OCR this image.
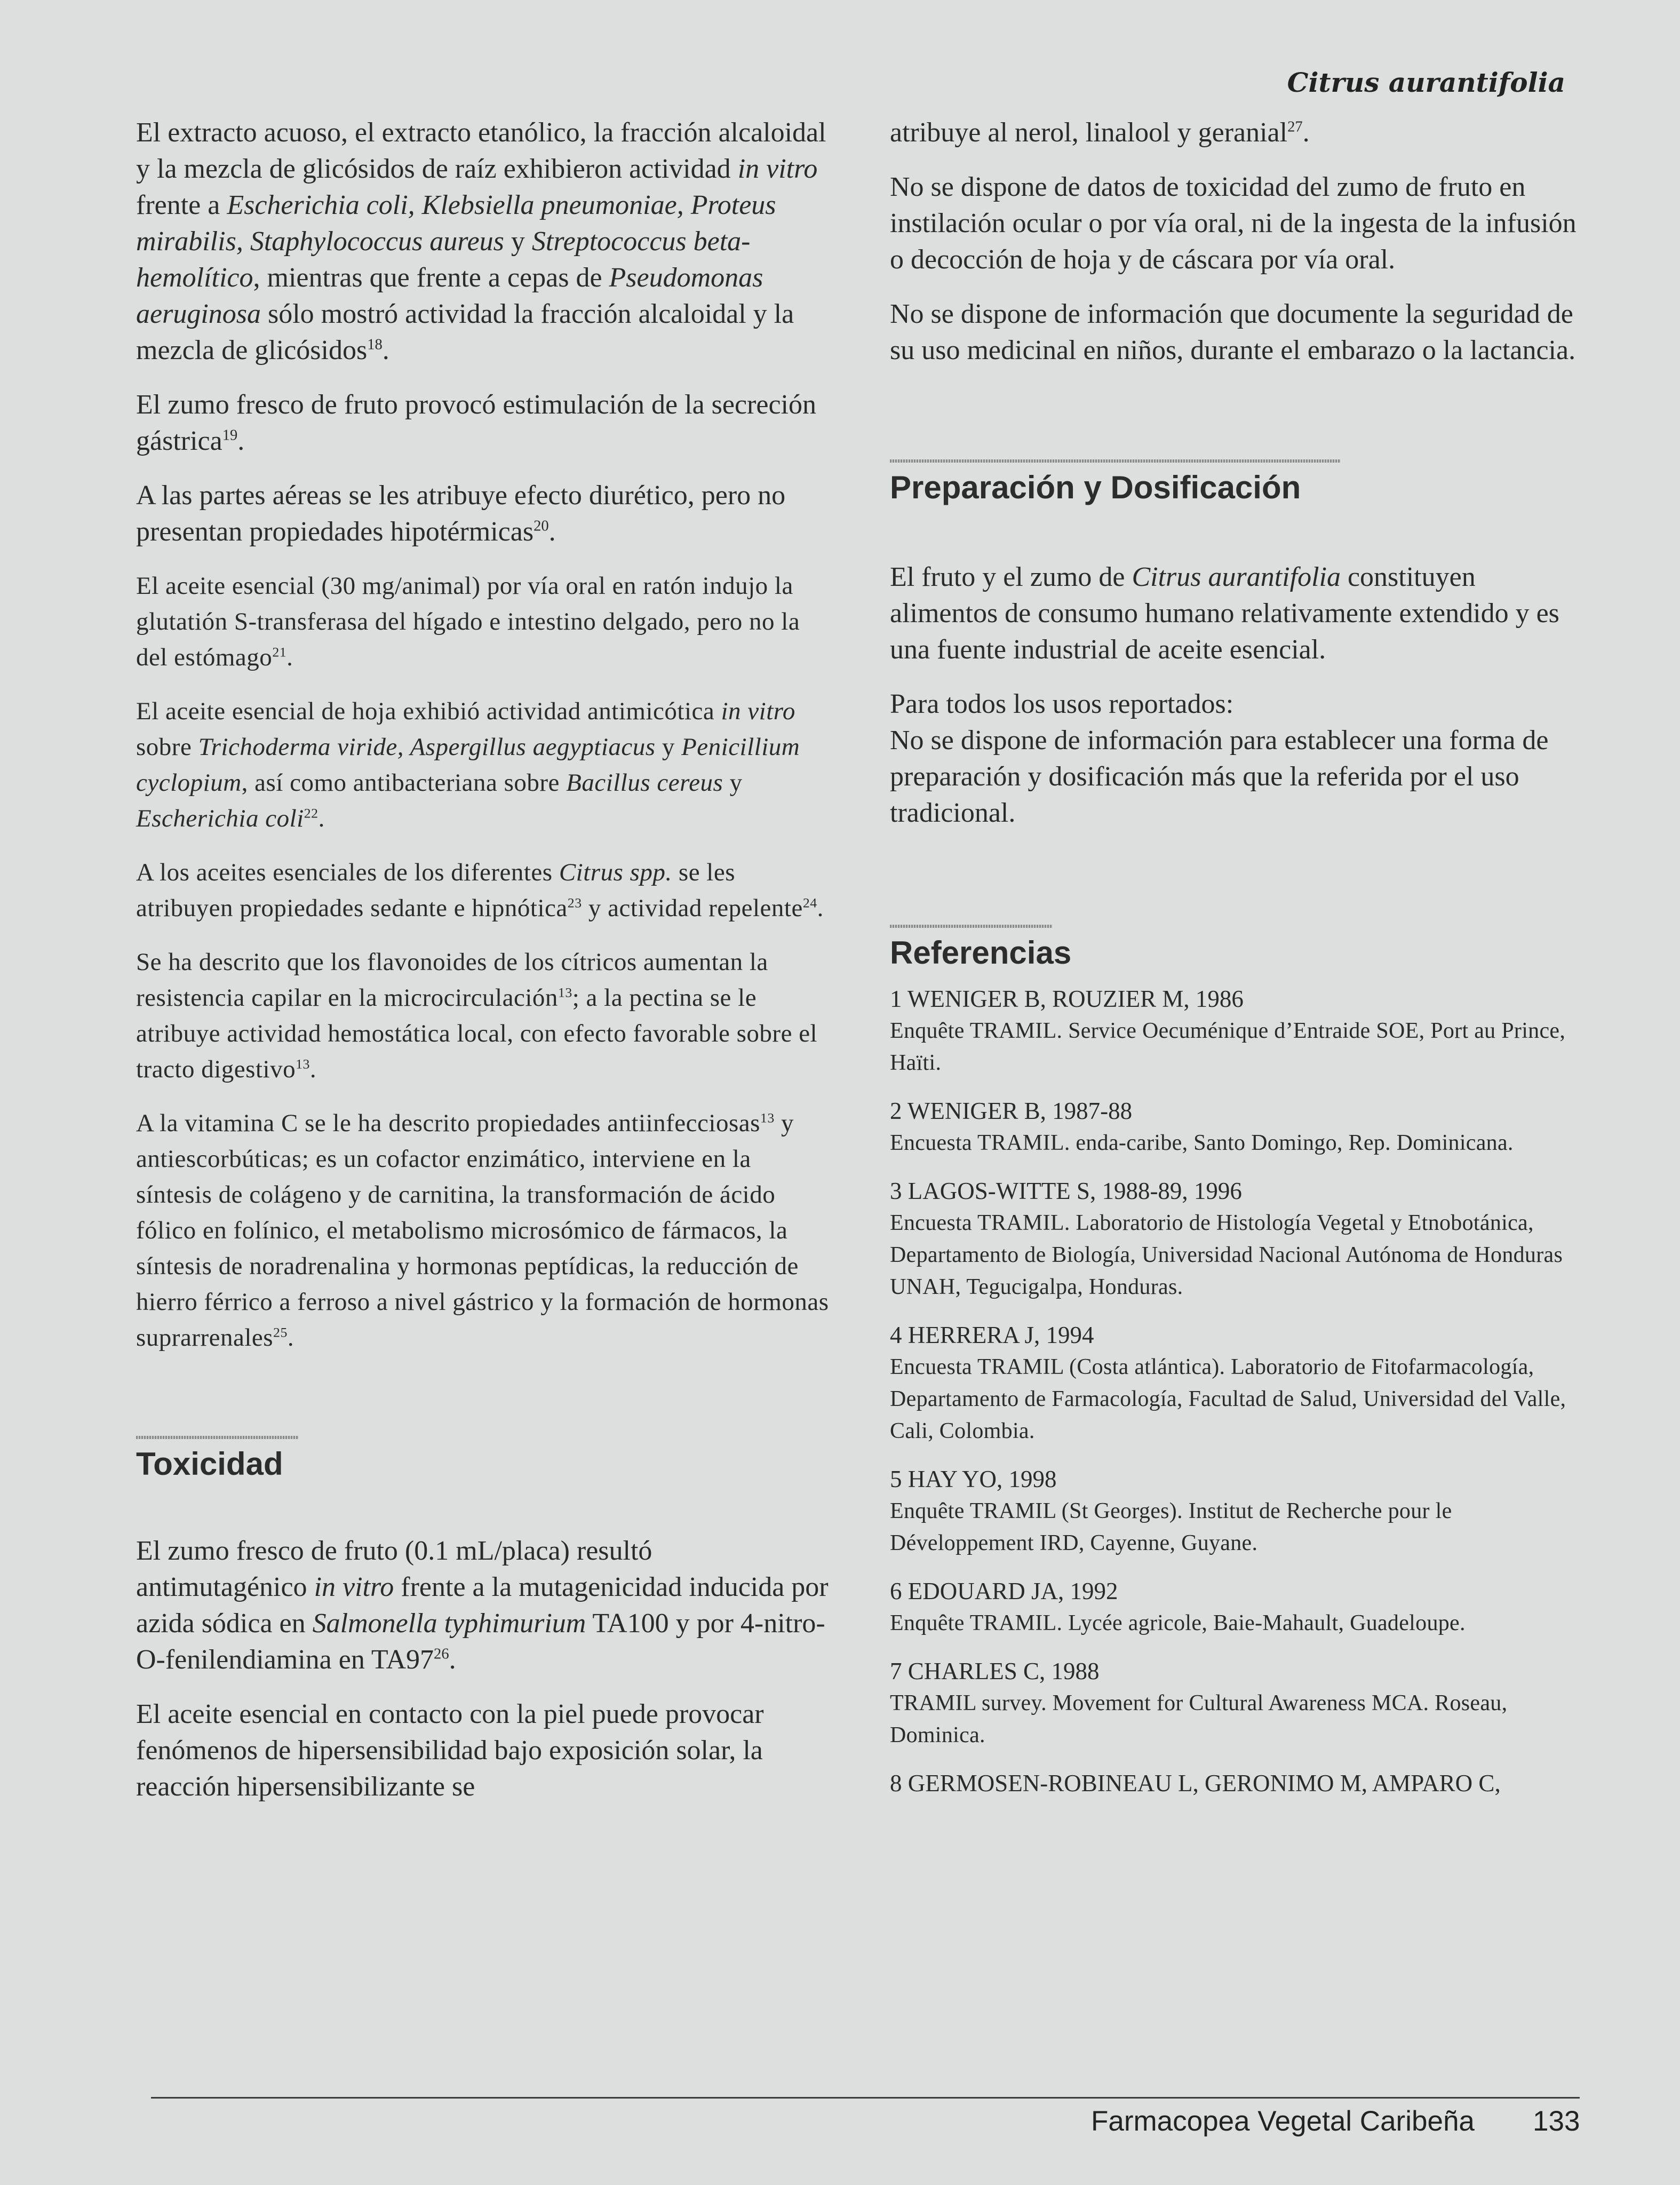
Citrus aurantifolia

El extracto acuoso, el extracto etanólico, la fracción alcaloidal y la mezcla de glicósidos de raíz exhibieron actividad in vitro frente a Escherichia coli, Klebsiella pneumoniae, Proteus mirabilis, Staphylococcus aureus y Streptococcus beta-hemolítico, mientras que frente a cepas de Pseudomonas aeruginosa sólo mostró actividad la fracción alcaloidal y la mezcla de glicósidos$^{18}$.

El zumo fresco de fruto provocó estimulación de la secreción gástrica$^{19}$.

A las partes aéreas se les atribuye efecto diurético, pero no presentan propiedades hipotérmicas$^{20}$.

El aceite esencial (30 mg/animal) por vía oral en ratón indujo la glutatión S-transferasa del hígado e intestino delgado, pero no la del estómago$^{21}$.

El aceite esencial de hoja exhibió actividad antimicótica in vitro sobre Trichoderma viride, Aspergillus aegyptiacus y Penicillium cyclopium, así como antibacteriana sobre Bacillus cereus y Escherichia coli$^{22}$.

A los aceites esenciales de los diferentes Citrus spp. se les atribuyen propiedades sedante e hipnótica$^{23}$ y actividad repelente$^{24}$.

Se ha descrito que los flavonoides de los cítricos aumentan la resistencia capilar en la microcirculación$^{13}$; a la pectina se le atribuye actividad hemostática local, con efecto favorable sobre el tracto digestivo$^{13}$.

A la vitamina C se le ha descrito propiedades antiinfecciosas$^{13}$ y antiescorbúticas; es un cofactor enzimático, interviene en la síntesis de colágeno y de carnitina, la transformación de ácido fólico en folínico, el metabolismo microsómico de fármacos, la síntesis de noradrenalina y hormonas peptídicas, la reducción de hierro férrico a ferroso a nivel gástrico y la formación de hormonas suprarrenales$^{25}$.

Toxicidad

El zumo fresco de fruto (0.1 mL/placa) resultó antimutagénico in vitro frente a la mutagenicidad inducida por azida sódica en Salmonella typhimurium TA100 y por 4-nitro-O-fenilendiamina en $TA97^{26}$.

El aceite esencial en contacto con la piel puede provocar fenómenos de hipersensibilidad bajo exposición solar, la reacción hipersensibilizante se

atribuye al nerol, linalool y geranial$^{27}$.

No se dispone de datos de toxicidad del zumo de fruto en instilación ocular o por vía oral, ni de la ingesta de la infusión o decocción de hoja y de cáscara por vía oral.

No se dispone de información que documente la seguridad de su uso medicinal en niños, durante el embarazo o la lactancia.

Preparación y Dosificación

El fruto y el zumo de Citrus aurantifolia constituyen alimentos de consumo humano relativamente extendido y es una fuente industrial de aceite esencial.

Para todos los usos reportados:
No se dispone de información para establecer una forma de preparación y dosificación más que la referida por el uso tradicional.

Referencias
1 WENIGER B, ROUZIER M, 1986
Enquête TRAMIL. Service Oecuménique d’Entraide SOE, Port au Prince, Haïti.
2 WENIGER B, 1987-88
Encuesta TRAMIL. enda-caribe, Santo Domingo, Rep. Dominicana.
3 LAGOS-WITTE S, 1988-89, 1996
Encuesta TRAMIL. Laboratorio de Histología Vegetal y Etnobotánica, Departamento de Biología, Universidad Nacional Autónoma de Honduras UNAH, Tegucigalpa, Honduras.
4 HERRERA J, 1994
Encuesta TRAMIL (Costa atlántica). Laboratorio de Fitofarmacología, Departamento de Farmacología, Facultad de Salud, Universidad del Valle, Cali, Colombia.
5 HAY YO, 1998
Enquête TRAMIL (St Georges). Institut de Recherche pour le Développement IRD, Cayenne, Guyane.
6 EDOUARD JA, 1992
Enquête TRAMIL. Lycée agricole, Baie-Mahault, Guadeloupe.
7 CHARLES C, 1988
TRAMIL survey. Movement for Cultural Awareness MCA. Roseau, Dominica.
8 GERMOSEN-ROBINEAU L, GERONIMO M, AMPARO C,
Farmacopea Vegetal Caribeña 133
